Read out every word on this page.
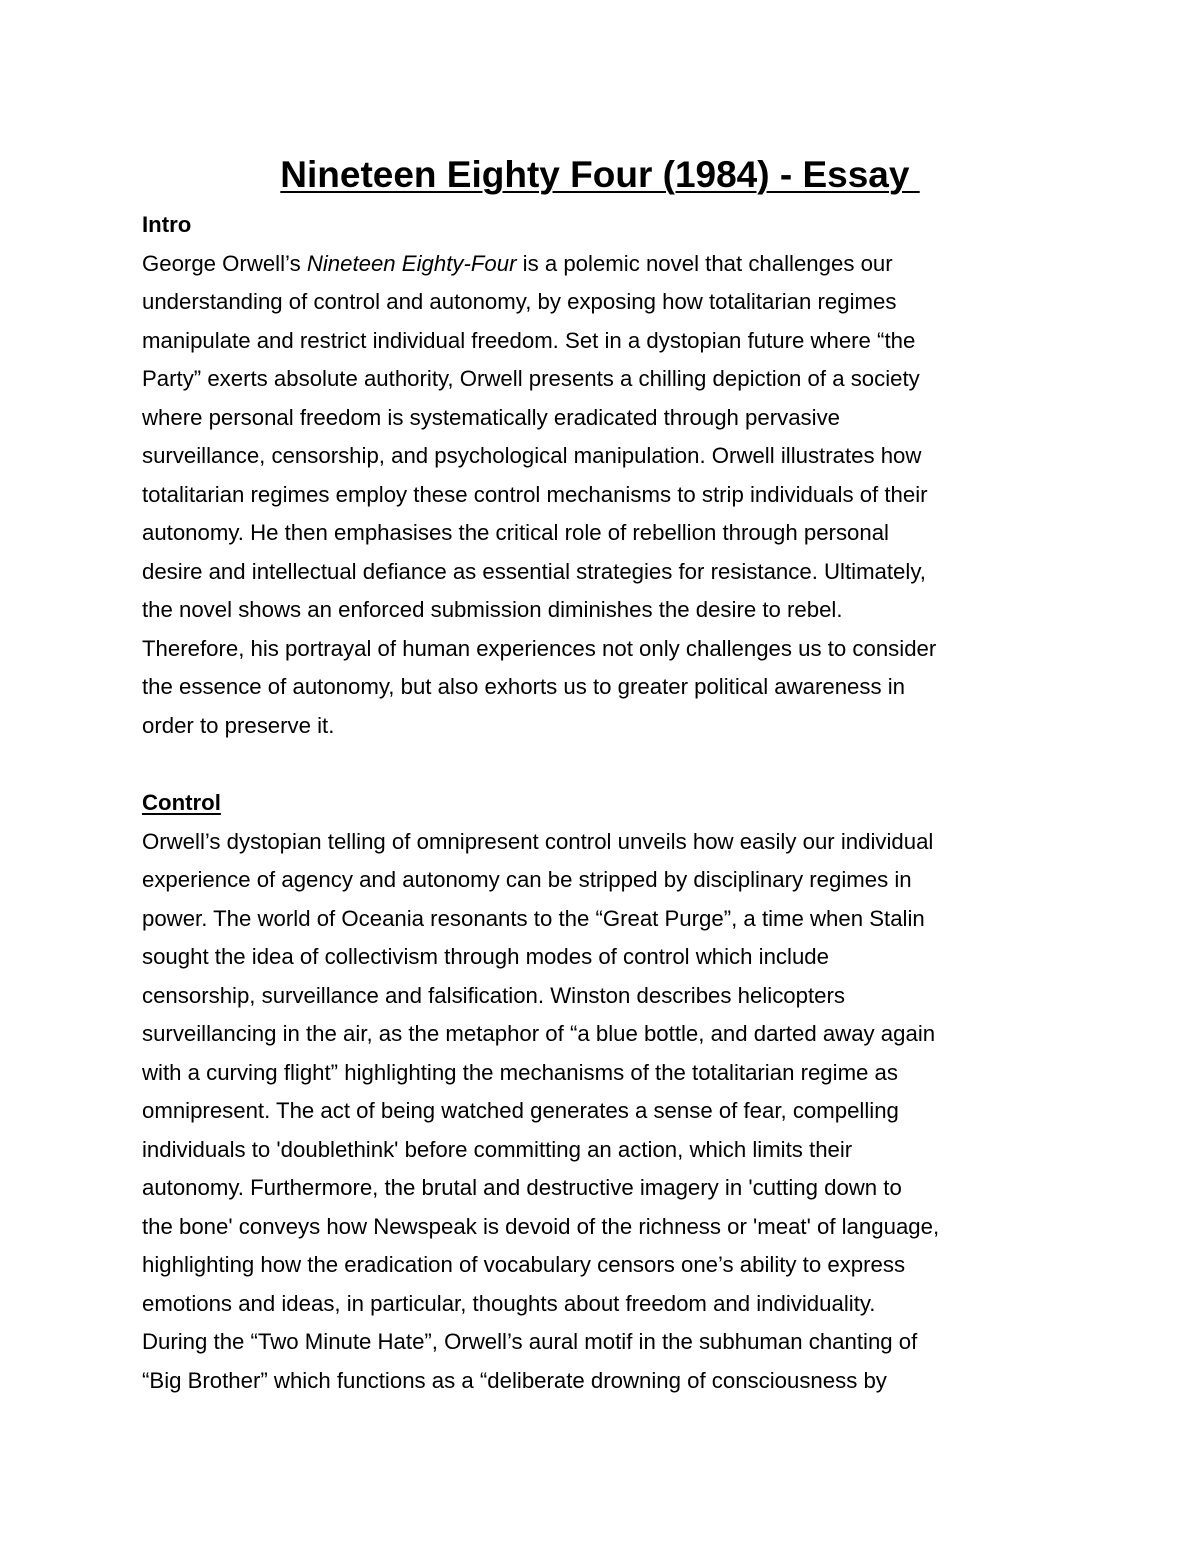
Nineteen Eighty Four (1984) - Essay
Intro
George Orwell’s Nineteen Eighty-Four is a polemic novel that challenges our
understanding of control and autonomy, by exposing how totalitarian regimes
manipulate and restrict individual freedom. Set in a dystopian future where “the
Party” exerts absolute authority, Orwell presents a chilling depiction of a society
where personal freedom is systematically eradicated through pervasive
surveillance, censorship, and psychological manipulation. Orwell illustrates how
totalitarian regimes employ these control mechanisms to strip individuals of their
autonomy. He then emphasises the critical role of rebellion through personal
desire and intellectual defiance as essential strategies for resistance. Ultimately,
the novel shows an enforced submission diminishes the desire to rebel.
Therefore, his portrayal of human experiences not only challenges us to consider
the essence of autonomy, but also exhorts us to greater political awareness in
order to preserve it.
Control
Orwell’s dystopian telling of omnipresent control unveils how easily our individual
experience of agency and autonomy can be stripped by disciplinary regimes in
power. The world of Oceania resonants to the “Great Purge”, a time when Stalin
sought the idea of collectivism through modes of control which include
censorship, surveillance and falsification. Winston describes helicopters
surveillancing in the air, as the metaphor of “a blue bottle, and darted away again
with a curving flight” highlighting the mechanisms of the totalitarian regime as
omnipresent. The act of being watched generates a sense of fear, compelling
individuals to 'doublethink' before committing an action, which limits their
autonomy. Furthermore, the brutal and destructive imagery in 'cutting down to
the bone' conveys how Newspeak is devoid of the richness or 'meat' of language,
highlighting how the eradication of vocabulary censors one’s ability to express
emotions and ideas, in particular, thoughts about freedom and individuality.
During the “Two Minute Hate”, Orwell’s aural motif in the subhuman chanting of
“Big Brother” which functions as a “deliberate drowning of consciousness by
